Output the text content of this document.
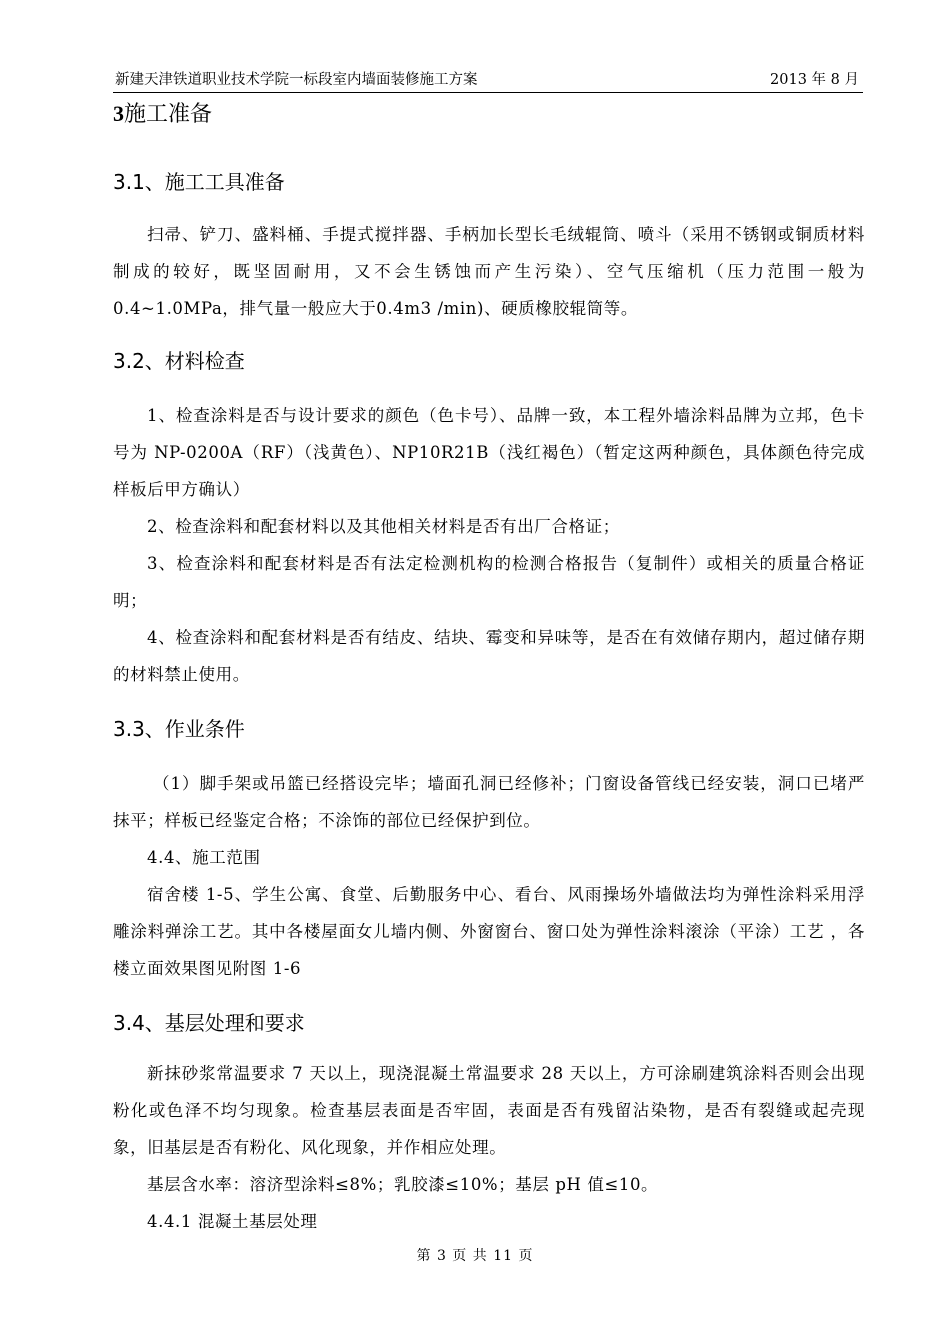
新建天津铁道职业技术学院一标段室内墙面装修施工方案	2013 年 8 月
3施工准备
3.1、施工工具准备
扫帚、铲刀、盛料桶、手提式搅拌器、手柄加长型长毛绒辊筒、喷斗（采用不锈钢或铜质材料制成的较好，既坚固耐用，又不会生锈蚀而产生污染）、空气压缩机（压力范围一般为0.4~1.0MPa，排气量一般应大于0.4m3 /min)、硬质橡胶辊筒等。
3.2、材料检查
1、检查涂料是否与设计要求的颜色（色卡号）、品牌一致，本工程外墙涂料品牌为立邦，色卡号为 NP-0200A（RF）（浅黄色）、NP10R21B（浅红褐色）（暂定这两种颜色，具体颜色待完成样板后甲方确认）
2、检查涂料和配套材料以及其他相关材料是否有出厂合格证；
3、检查涂料和配套材料是否有法定检测机构的检测合格报告（复制件）或相关的质量合格证明；
4、检查涂料和配套材料是否有结皮、结块、霉变和异味等，是否在有效储存期内，超过储存期的材料禁止使用。
3.3、作业条件
（1）脚手架或吊篮已经搭设完毕；墙面孔洞已经修补；门窗设备管线已经安装，洞口已堵严抹平；样板已经鉴定合格；不涂饰的部位已经保护到位。
4.4、施工范围
宿舍楼 1-5、学生公寓、食堂、后勤服务中心、看台、风雨操场外墙做法均为弹性涂料采用浮雕涂料弹涂工艺。其中各楼屋面女儿墙内侧、外窗窗台、窗口处为弹性涂料滚涂（平涂）工艺 ，各楼立面效果图见附图 1-6
3.4、基层处理和要求
新抹砂浆常温要求 7 天以上，现浇混凝土常温要求 28 天以上，方可涂刷建筑涂料否则会出现粉化或色泽不均匀现象。检查基层表面是否牢固，表面是否有残留沾染物，是否有裂缝或起壳现象，旧基层是否有粉化、风化现象，并作相应处理。
基层含水率：溶济型涂料≤8%；乳胶漆≤10%；基层 pH 值≤10。
4.4.1 混凝土基层处理
第 3 页 共 11 页
